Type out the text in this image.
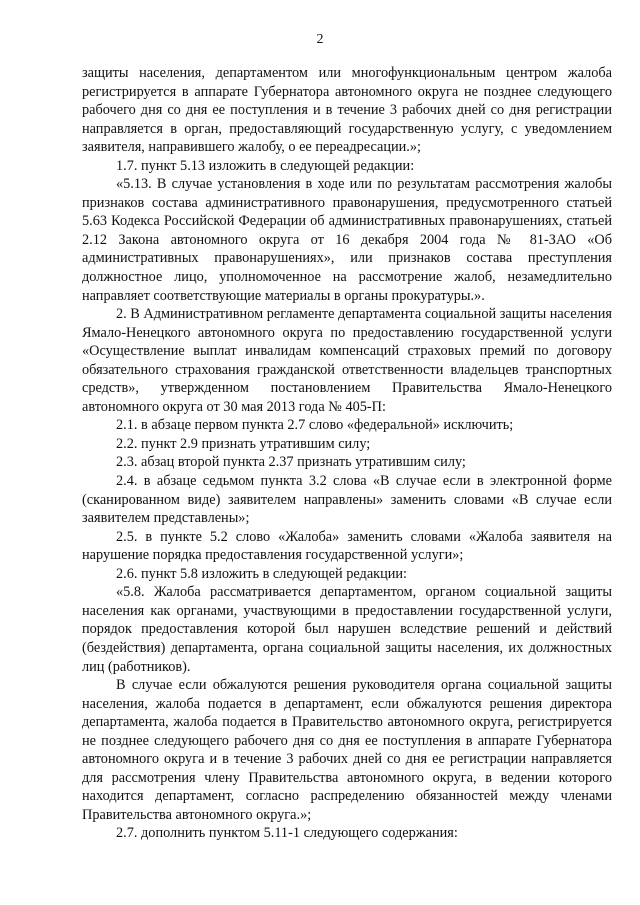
2

защиты населения, департаментом или многофункциональным центром жалоба регистрируется в аппарате Губернатора автономного округа не позднее следующего рабочего дня со дня ее поступления и в течение 3 рабочих дней со дня регистрации направляется в орган, предоставляющий государственную услугу, с уведомлением заявителя, направившего жалобу, о ее переадресации.»;

1.7. пункт 5.13 изложить в следующей редакции:

«5.13. В случае установления в ходе или по результатам рассмотрения жалобы признаков состава административного правонарушения, предусмотренного статьей 5.63 Кодекса Российской Федерации об административных правонарушениях, статьей 2.12 Закона автономного округа от 16 декабря 2004 года № 81-ЗАО «Об административных правонарушениях», или признаков состава преступления должностное лицо, уполномоченное на рассмотрение жалоб, незамедлительно направляет соответствующие материалы в органы прокуратуры.».

2. В Административном регламенте департамента социальной защиты населения Ямало-Ненецкого автономного округа по предоставлению государственной услуги «Осуществление выплат инвалидам компенсаций страховых премий по договору обязательного страхования гражданской ответственности владельцев транспортных средств», утвержденном постановлением Правительства Ямало-Ненецкого автономного округа от 30 мая 2013 года № 405-П:

2.1. в абзаце первом пункта 2.7 слово «федеральной» исключить;

2.2. пункт 2.9 признать утратившим силу;

2.3. абзац второй пункта 2.37 признать утратившим силу;

2.4. в абзаце седьмом пункта 3.2 слова «В случае если в электронной форме (сканированном виде) заявителем направлены» заменить словами «В случае если заявителем представлены»;

2.5. в пункте 5.2 слово «Жалоба» заменить словами «Жалоба заявителя на нарушение порядка предоставления государственной услуги»;

2.6. пункт 5.8 изложить в следующей редакции:

«5.8. Жалоба рассматривается департаментом, органом социальной защиты населения как органами, участвующими в предоставлении государственной услуги, порядок предоставления которой был нарушен вследствие решений и действий (бездействия) департамента, органа социальной защиты населения, их должностных лиц (работников).

В случае если обжалуются решения руководителя органа социальной защиты населения, жалоба подается в департамент, если обжалуются решения директора департамента, жалоба подается в Правительство автономного округа, регистрируется не позднее следующего рабочего дня со дня ее поступления в аппарате Губернатора автономного округа и в течение 3 рабочих дней со дня ее регистрации направляется для рассмотрения члену Правительства автономного округа, в ведении которого находится департамент, согласно распределению обязанностей между членами Правительства автономного округа.»;

2.7. дополнить пунктом 5.11-1 следующего содержания:
